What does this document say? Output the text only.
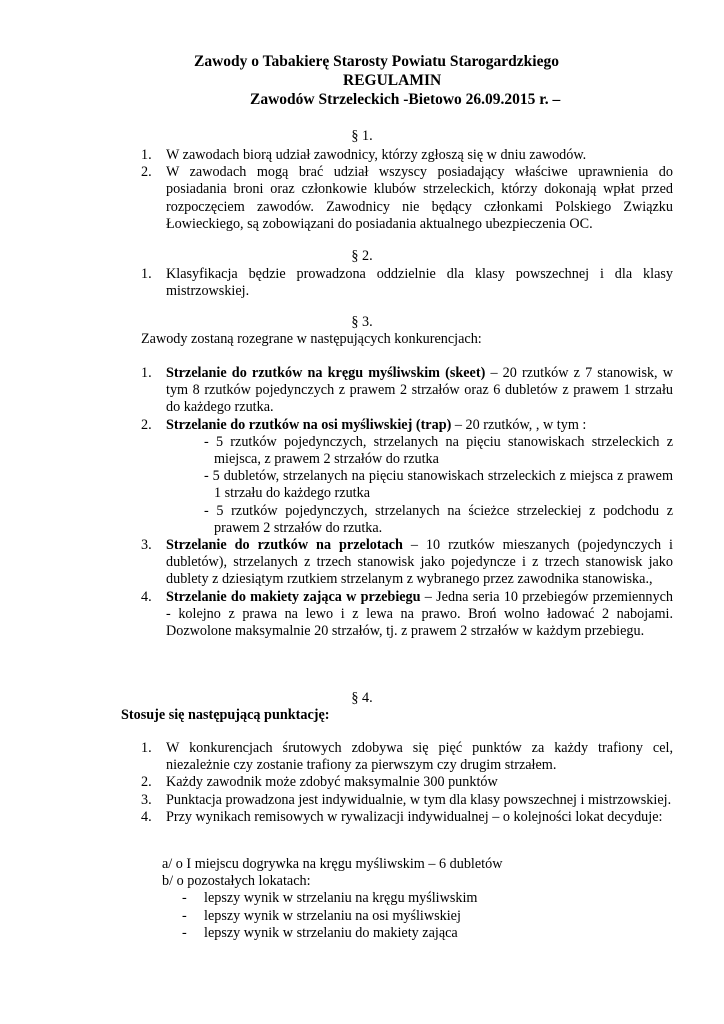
Zawody o Tabakierę Starosty Powiatu Starogardzkiego
REGULAMIN
Zawodów Strzeleckich -Bietowo 26.09.2015 r. –
§ 1.
1. W zawodach biorą udział zawodnicy, którzy zgłoszą się w dniu zawodów.
2. W zawodach mogą brać udział wszyscy posiadający właściwe uprawnienia do posiadania broni oraz członkowie klubów strzeleckich, którzy dokonają wpłat przed rozpoczęciem zawodów. Zawodnicy nie będący członkami Polskiego Związku Łowieckiego, są zobowiązani do posiadania aktualnego ubezpieczenia OC.
§ 2.
1. Klasyfikacja będzie prowadzona oddzielnie dla klasy powszechnej i dla klasy mistrzowskiej.
§ 3.
Zawody zostaną rozegrane w następujących konkurencjach:
1. Strzelanie do rzutków na kręgu myśliwskim (skeet) – 20 rzutków z 7 stanowisk, w tym 8 rzutków pojedynczych z prawem 2 strzałów oraz 6 dubletów z prawem 1 strzału do każdego rzutka.
2. Strzelanie do rzutków na osi myśliwskiej (trap) – 20 rzutków, , w tym :
- 5 rzutków pojedynczych, strzelanych na pięciu stanowiskach strzeleckich z miejsca, z prawem 2 strzałów do rzutka
- 5 dubletów, strzelanych na pięciu stanowiskach strzeleckich z miejsca z prawem 1 strzału do każdego rzutka
- 5 rzutków pojedynczych, strzelanych na ścieżce strzeleckiej z podchodu z prawem 2 strzałów do rzutka.
3. Strzelanie do rzutków na przelotach – 10 rzutków mieszanych (pojedynczych i dubletów), strzelanych z trzech stanowisk jako pojedyncze i z trzech stanowisk jako dublety z dziesiątym rzutkiem strzelanym z wybranego przez zawodnika stanowiska.,
4. Strzelanie do makiety zająca w przebiegu – Jedna seria 10 przebiegów przemiennych - kolejno z prawa na lewo i z lewa na prawo. Broń wolno ładować 2 nabojami. Dozwolone maksymalnie 20 strzałów, tj. z prawem 2 strzałów w każdym przebiegu.
§ 4.
Stosuje się następującą punktację:
1. W konkurencjach śrutowych zdobywa się pięć punktów za każdy trafiony cel, niezależnie czy zostanie trafiony za pierwszym czy drugim strzałem.
2. Każdy zawodnik może zdobyć maksymalnie 300 punktów
3. Punktacja prowadzona jest indywidualnie, w tym dla klasy powszechnej i mistrzowskiej.
4. Przy wynikach remisowych w rywalizacji indywidualnej – o kolejności lokat decyduje:
a/ o I miejscu dogrywka na kręgu myśliwskim – 6 dubletów
b/ o pozostałych lokatach:
- lepszy wynik w strzelaniu na kręgu myśliwskim
- lepszy wynik w strzelaniu na osi myśliwskiej
- lepszy wynik w strzelaniu do makiety zająca
